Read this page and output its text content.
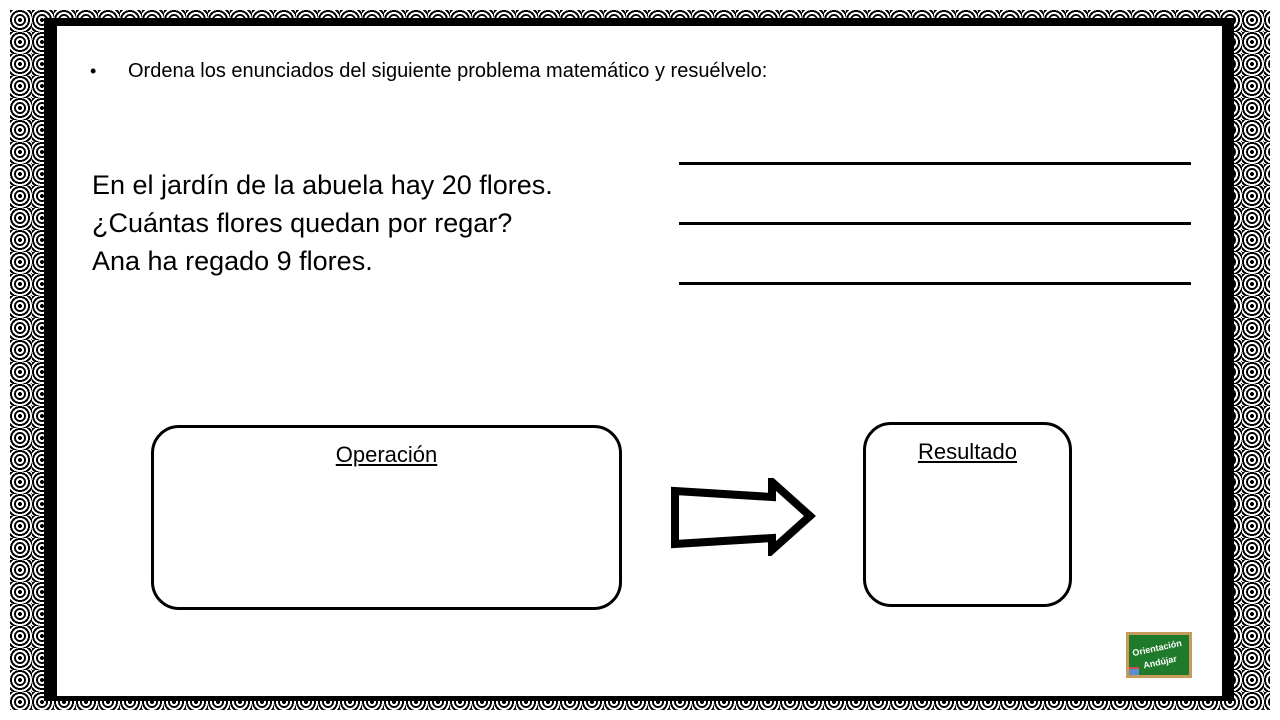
•	Ordena los enunciados del siguiente problema matemático y resuélvelo:
En el jardín de la abuela hay 20 flores.
¿Cuántas flores quedan por regar?
Ana ha regado 9 flores.
Operación	Resultado
Orientación
Andújar
